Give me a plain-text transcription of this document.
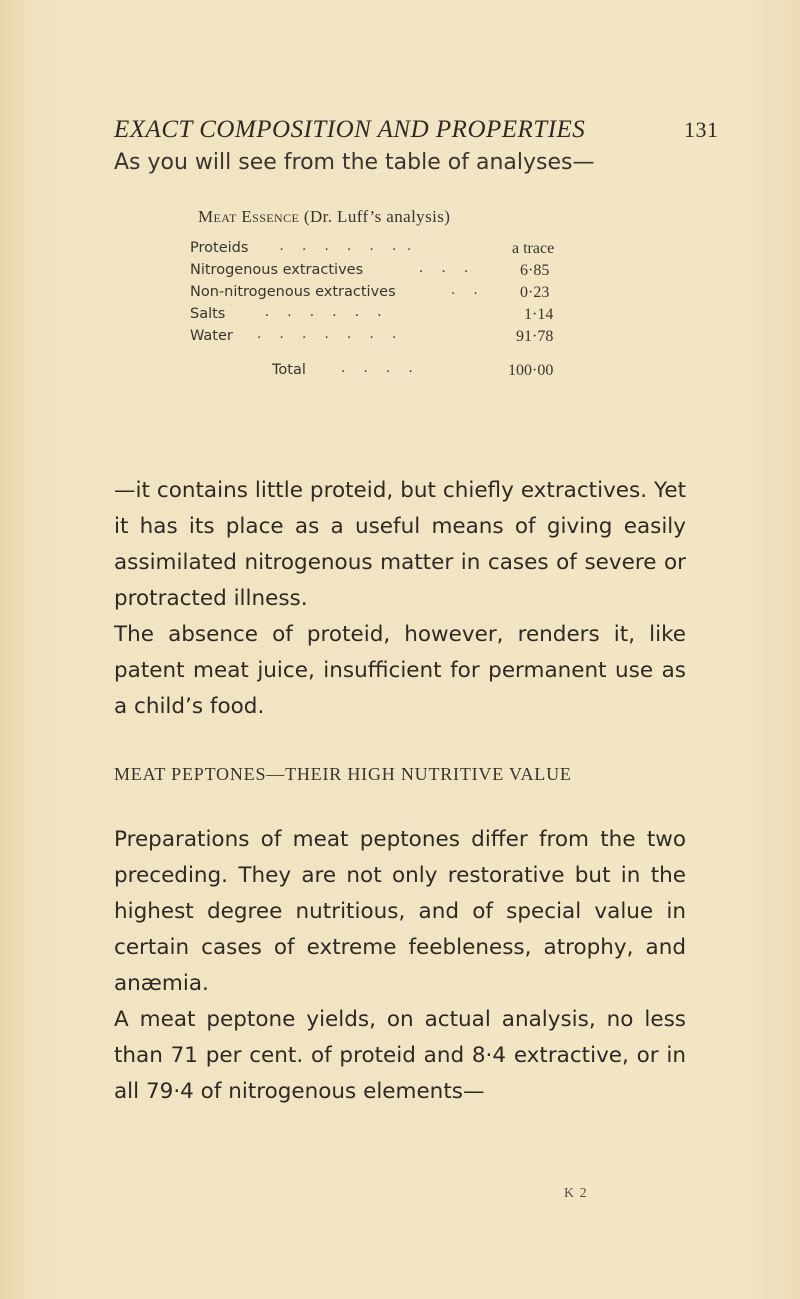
EXACT COMPOSITION AND PROPERTIES	131
As you will see from the table of analyses—
Meat Essence (Dr. Luff’s analysis)
Proteids .     .     .     .     .     .   .	a trace
Nitrogenous extractives	.     .     .	6·85
Non-nitrogenous extractives	.     .	0·23
Salts .     .     .     .     .     .	1·14
Water .     .     .     .     .     .     .	91·78
Total .     .     .     .	100·00
—it contains little proteid, but chiefly extractives. Yet it has its place as a useful means of giving easily assimilated nitrogenous matter in cases of severe or protracted illness.
The absence of proteid, however, renders it, like patent meat juice, insufficient for permanent use as a child’s food.
MEAT PEPTONES—THEIR HIGH NUTRITIVE VALUE
Preparations of meat peptones differ from the two preceding. They are not only restorative but in the highest degree nutritious, and of special value in certain cases of extreme feebleness, atrophy, and anæmia.
A meat peptone yields, on actual analysis, no less than 71 per cent. of proteid and 8·4 extractive, or in all 79·4 of nitrogenous elements—
K 2
